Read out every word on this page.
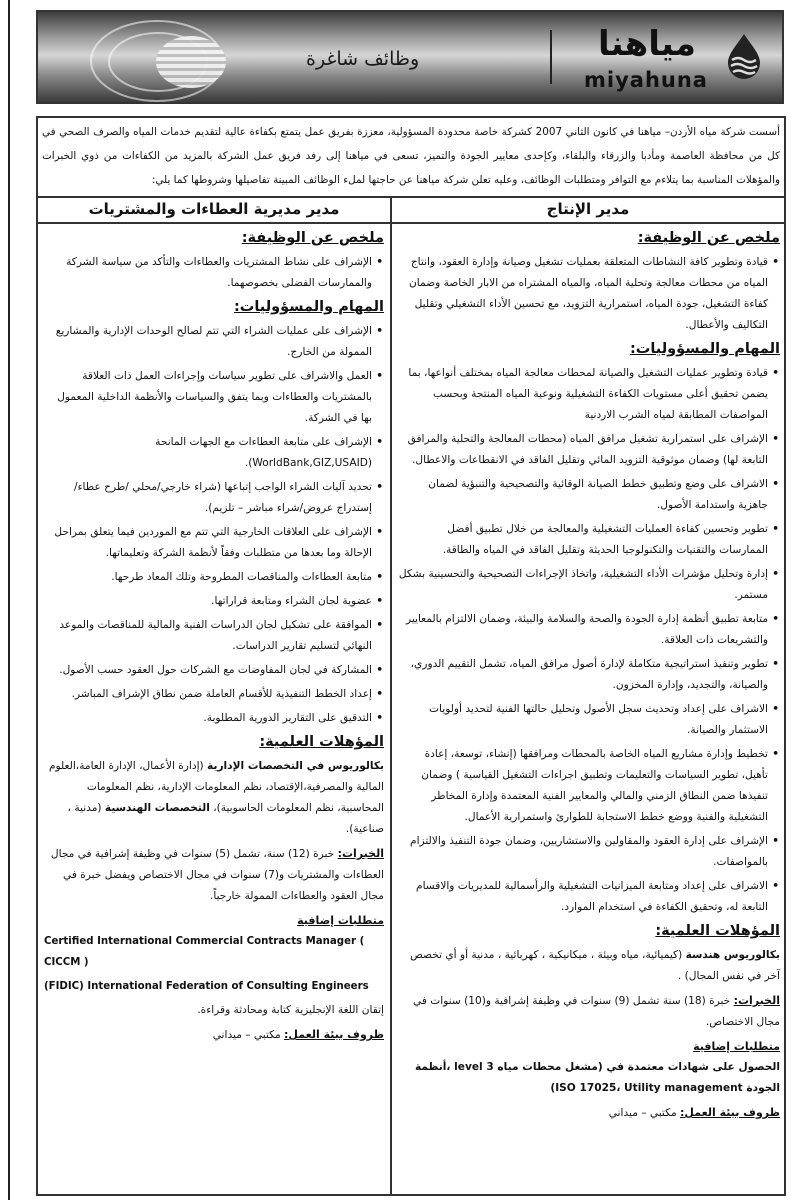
وظائف شاغرة	مياهنا
miyahuna
أسست شركة مياه الأردن– مياهنا في كانون الثاني 2007 كشركة خاصة محدودة المسؤولية، معززة بفريق عمل يتمتع بكفاءة عالية لتقديم خدمات المياه والصرف الصحي في كل من محافظة العاصمة ومأدبا والزرقاء والبلقاء، وكإحدى معايير الجودة والتميز، تسعى في مياهنا إلى رفد فريق عمل الشركة بالمزيد من الكفاءات من ذوي الخبرات والمؤهلات المناسبة بما يتلاءم مع التوافر ومتطلبات الوظائف، وعليه تعلن شركة مياهنا عن حاجتها لملء الوظائف المبينة تفاصيلها وشروطها كما يلي:
مدير الإنتاج
مدير مديرية العطاءات والمشتريات
ملخص عن الوظيفة:
• قيادة وتطوير كافة النشاطات المتعلقة بعمليات تشغيل وصيانة وإدارة العقود، وانتاج المياه من محطات معالجة وتحلية المياه، والمياه المشتراه من الابار الخاصة وضمان كفاءة التشغيل، جودة المياه، استمرارية التزويد، مع تحسين الأداء التشغيلي وتقليل التكاليف والأعطال.
المهام والمسؤوليات:
• قيادة وتطوير عمليات التشغيل والصيانة لمحطات معالجة المياه بمختلف أنواعها، بما يضمن تحقيق أعلى مستويات الكفاءة التشغيلية ونوعية المياه المنتجة وبحسب المواصفات المطابقة لمياه الشرب الاردنية
• الإشراف على استمرارية تشغيل مرافق المياه (محطات المعالجة والتحلية والمرافق التابعة لها) وضمان موثوقية التزويد المائي وتقليل الفاقد في الانقطاعات والاعطال.
• الاشراف على وضع وتطبيق خطط الصيانة الوقائية والتصحيحية والتنبؤية لضمان جاهزية واستدامة الأصول.
• تطوير وتحسين كفاءة العمليات التشغيلية والمعالجة من خلال تطبيق أفضل الممارسات والتقنيات والتكنولوجيا الحديثة وتقليل الفاقد في المياه والطاقة.
• إدارة وتحليل مؤشرات الأداء التشغيلية، واتخاذ الإجراءات التصحيحية والتحسينية بشكل مستمر.
• متابعة تطبيق أنظمة إدارة الجودة والصحة والسلامة والبيئة، وضمان الالتزام بالمعايير والتشريعات ذات العلاقة.
• تطوير وتنفيذ استراتيجية متكاملة لإدارة أصول مرافق المياه، تشمل التقييم الدوري، والصيانة، والتجديد، وإدارة المخزون.
• الاشراف على إعداد وتحديث سجل الأصول وتحليل حالتها الفنية لتحديد أولويات الاستثمار والصيانة.
• تخطيط وإدارة مشاريع المياه الخاصة بالمحطات ومرافقها (إنشاء، توسعة، إعادة تأهيل، تطوير السياسات والتعليمات وتطبيق اجراءات التشغيل القياسية ) وضمان تنفيذها ضمن النطاق الزمني والمالي والمعايير الفنية المعتمدة وإدارة المخاطر التشغيلية والفنية ووضع خطط الاستجابة للطوارئ واستمرارية الأعمال.
• الإشراف على إدارة العقود والمقاولين والاستشاريين، وضمان جودة التنفيذ والالتزام بالمواصفات.
• الاشراف على إعداد ومتابعة الميزانيات التشغيلية والرأسمالية للمديريات والاقسام التابعة له، وتحقيق الكفاءة في استخدام الموارد.
المؤهلات العلمية:

بكالوريوس هندسة (كيميائية، مياه وبيئة ، ميكانيكية ، كهربائية ، مدنية أو أي تخصص آخر في نفس المجال) .

الخبرات: خبرة (18) سنة تشمل (9) سنوات في وظيفة إشرافية و(10) سنوات في مجال الاختصاص.

متطلبات إضافية

الحصول على شهادات معتمدة في (مشغل محطات مياه level 3 ،أنظمة الجودة ISO 17025، Utility management)

ظروف بيئة العمل: مكتبي – ميداني

ملخص عن الوظيفة:
• الإشراف على نشاط المشتريات والعطاءات والتأكد من سياسة الشركة والممارسات الفضلى بخصوصهما.
المهام والمسؤوليات:
• الإشراف على عمليات الشراء التي تتم لصالح الوحدات الإدارية والمشاريع الممولة من الخارج.
• العمل والاشراف على تطوير سياسات وإجراءات العمل ذات العلاقة بالمشتريات والعطاءات وبما يتفق والسياسات والأنظمة الداخلية المعمول بها في الشركة.
• الإشراف على متابعة العطاءات مع الجهات المانحة (WorldBank,GIZ,USAID).
• تحديد آليات الشراء الواجب إتباعها (شراء خارجي/محلي /طرح عطاء/ إستدراج عروض/شراء مباشر – تلزيم).
• الإشراف على العلاقات الخارجية التي تتم مع الموردين فيما يتعلق بمراحل الإحالة وما بعدها من متطلبات وفقاً لأنظمة الشركة وتعليماتها.
• متابعة العطاءات والمناقصات المطروحة وتلك المعاد طرحها.
• عضوية لجان الشراء ومتابعة قراراتها.
• الموافقة على تشكيل لجان الدراسات الفنية والمالية للمناقصات والموعد النهائي لتسليم تقارير الدراسات.
• المشاركة في لجان المفاوضات مع الشركات حول العقود حسب الأصول.
• إعداد الخطط التنفيذية للأقسام العاملة ضمن نطاق الإشراف المباشر.
• التدقيق على التقارير الدورية المطلوبة.
المؤهلات العلمية:

بكالوريوس في التخصصات الإدارية (إدارة الأعمال، الإدارة العامة،العلوم المالية والمصرفية،الإقتصاد، نظم المعلومات الإدارية، نظم المعلومات المحاسبية، نظم المعلومات الحاسوبية)، التخصصات الهندسية (مدنية ، صناعية).

الخبرات: خبرة (12) سنة، تشمل (5) سنوات في وظيفة إشرافية في مجال العطاءات والمشتريات و(7) سنوات في مجال الاختصاص ويفضل خبرة في مجال العقود والعطاءات الممولة خارجياً.

متطلبات إضافية

Certified International Commercial Contracts Manager ( CICCM )

(FIDIC) International Federation of Consulting Engineers

إتقان اللغة الإنجليزية كتابة ومحادثة وقراءة.

ظروف بيئة العمل: مكتبي – ميداني
